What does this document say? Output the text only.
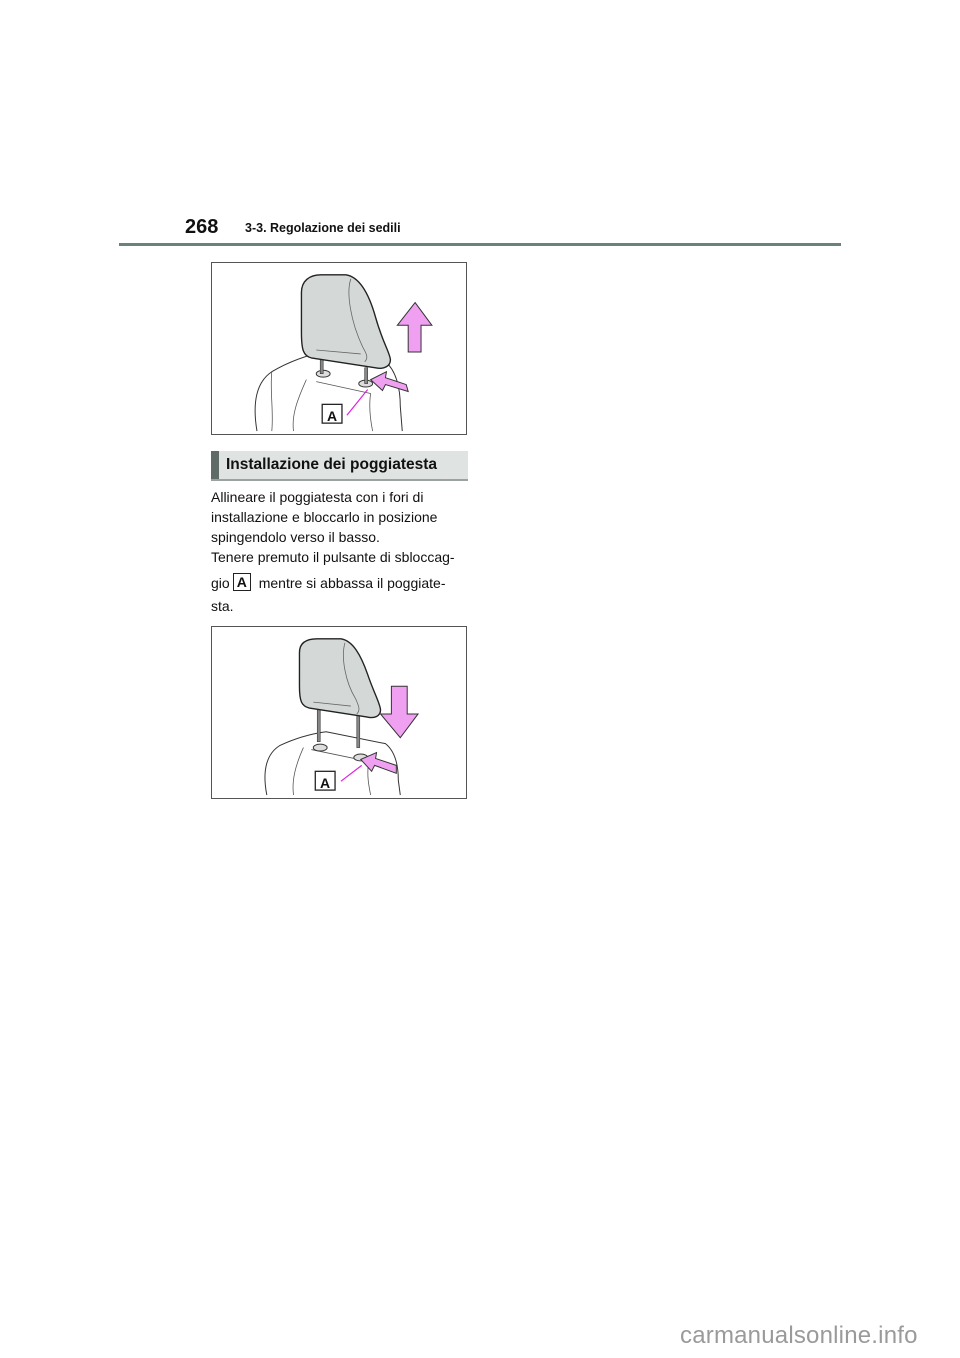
268 3-3. Regolazione dei sedili
A
Installazione dei poggiatesta

Allineare il poggiatesta con i fori di installazione e bloccarlo in posizione spingendolo verso il basso.

Tenere premuto il pulsante di sbloccag-

gio A mentre si abbassa il poggiate-

sta.

A
carmanualsonline.info
